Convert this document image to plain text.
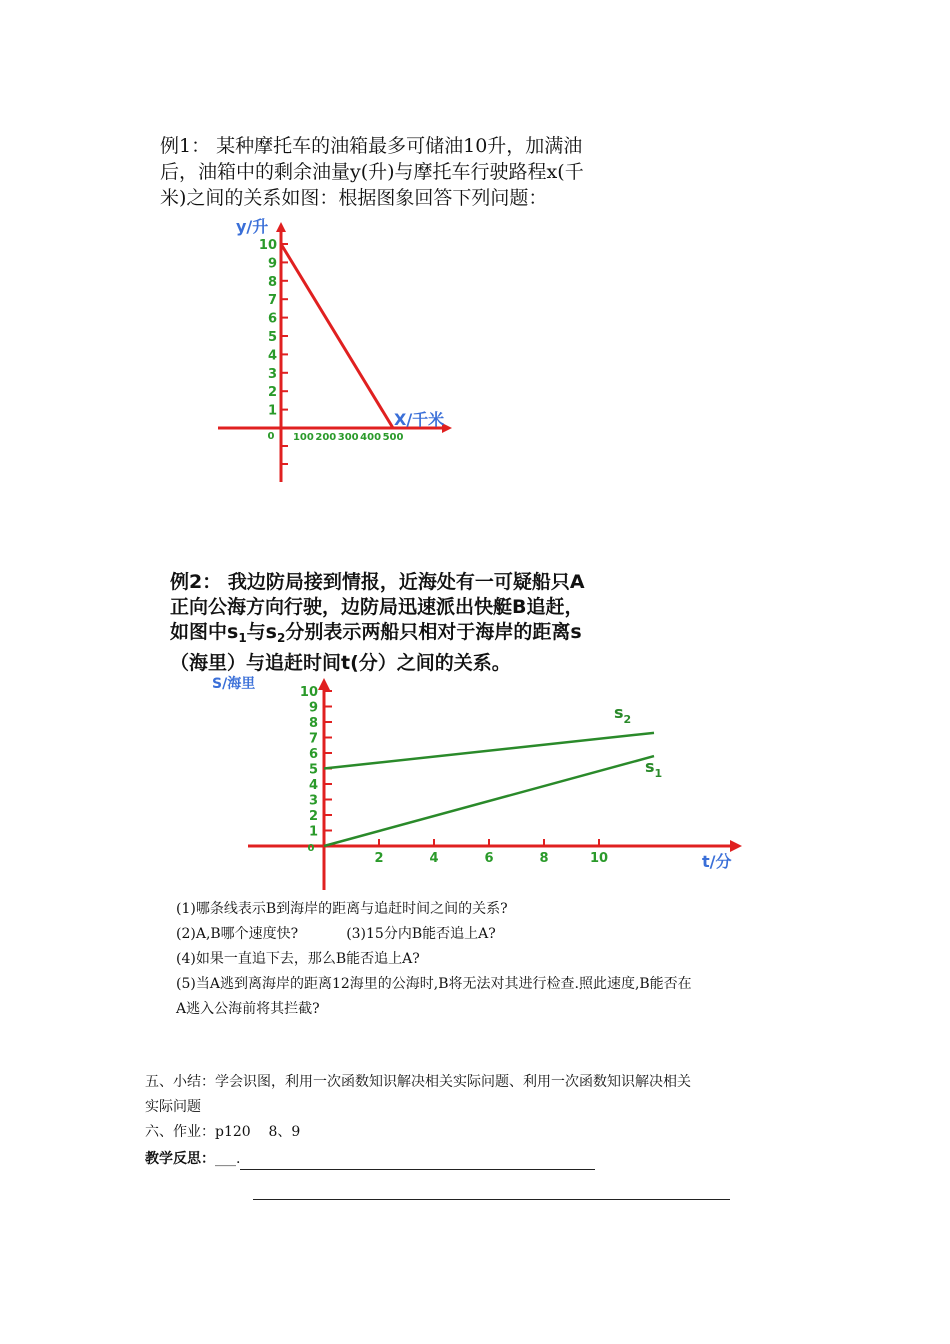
例1： 某种摩托车的油箱最多可储油10升，加满油
后，油箱中的剩余油量y(升)与摩托车行驶路程x(千
米)之间的关系如图：根据图象回答下列问题：
1
2
3
4
5
6
7
8
9
10
100 200 300 400 500
0
y/升
X/千米
例2： 我边防局接到情报，近海处有一可疑船只A
正向公海方向行驶，边防局迅速派出快艇B追赶，
如图中$s_1$与$s_2$分别表示两船只相对于海岸的距离s
（海里）与追赶时间t(分）之间的关系。
1
2
3
4
5
6
7
8
9
10
2	4	6	8	10
0
S/海里
t/分
$s_2$
$s_1$
(1)哪条线表示B到海岸的距离与追赶时间之间的关系?
(2)A,B哪个速度快?	(3)15分内B能否追上A?
(4)如果一直追下去，那么B能否追上A?
(5)当A逃到离海岸的距离12海里的公海时,B将无法对其进行检查.照此速度,B能否在
A逃入公海前将其拦截?
五、小结：学会识图，利用一次函数知识解决相关实际问题、利用一次函数知识解决相关
实际问题
六、作业：p120    8、9
教学反思：___.
